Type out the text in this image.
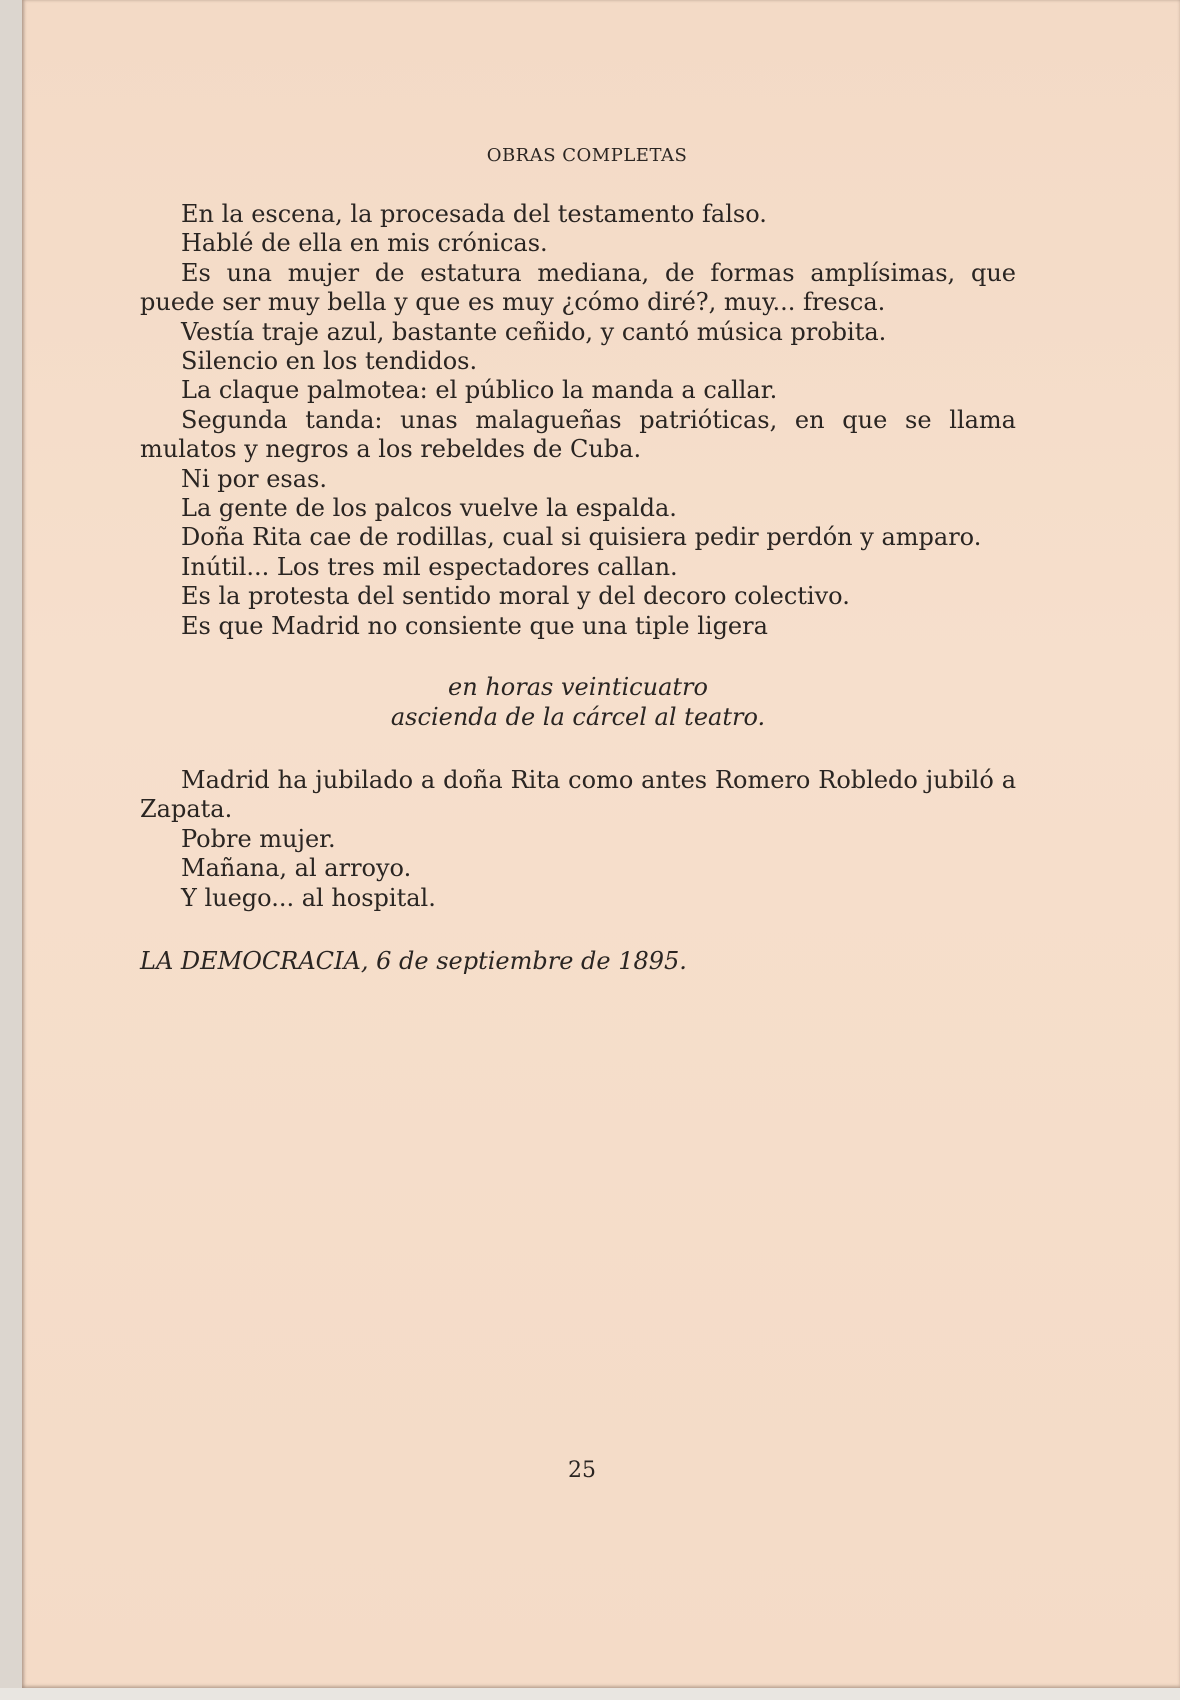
OBRAS COMPLETAS

En la escena, la procesada del testamento falso.

Hablé de ella en mis crónicas.

Es una mujer de estatura mediana, de formas amplísimas, que puede ser muy bella y que es muy ¿cómo diré?, muy... fresca.

Vestía traje azul, bastante ceñido, y cantó música probita.

Silencio en los tendidos.

La claque palmotea: el público la manda a callar.

Segunda tanda: unas malagueñas patrióticas, en que se llama mulatos y negros a los rebeldes de Cuba.

Ni por esas.

La gente de los palcos vuelve la espalda.

Doña Rita cae de rodillas, cual si quisiera pedir perdón y amparo.

Inútil... Los tres mil espectadores callan.

Es la protesta del sentido moral y del decoro colectivo.

Es que Madrid no consiente que una tiple ligera

en horas veinticuatro
ascienda de la cárcel al teatro.

Madrid ha jubilado a doña Rita como antes Romero Robledo jubiló a Zapata.

Pobre mujer.

Mañana, al arroyo.

Y luego... al hospital.

LA DEMOCRACIA, 6 de septiembre de 1895.
25
